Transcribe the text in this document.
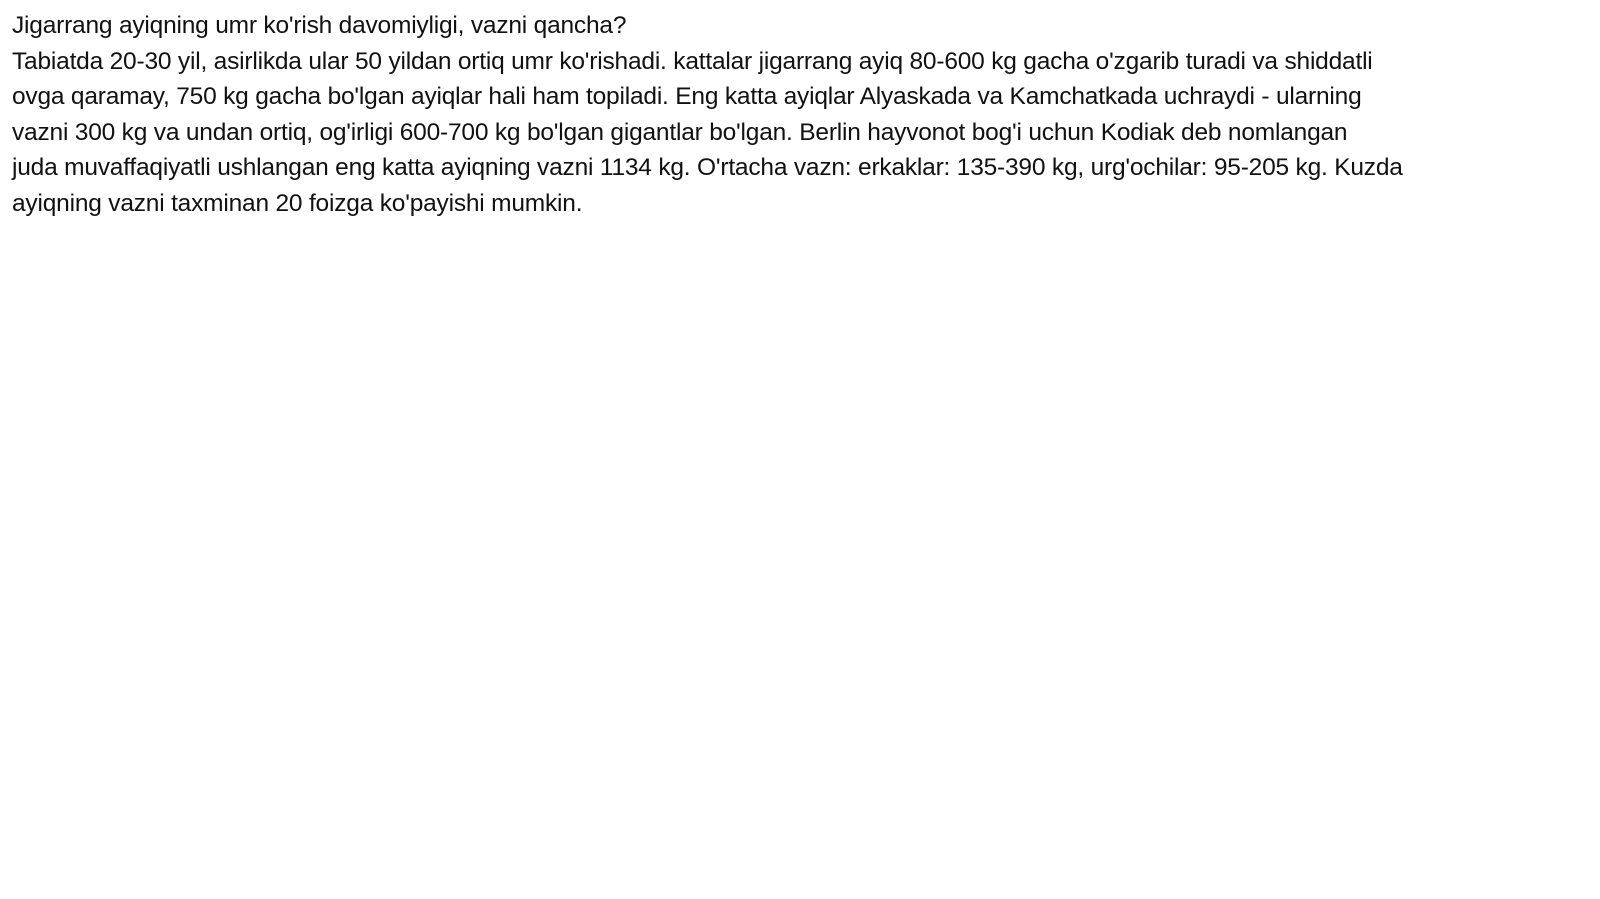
Jigarrang ayiqning umr ko'rish davomiyligi, vazni qancha?
Tabiatda 20-30 yil, asirlikda ular 50 yildan ortiq umr ko'rishadi. kattalar jigarrang ayiq 80-600 kg gacha o'zgarib turadi va shiddatli
ovga qaramay, 750 kg gacha bo'lgan ayiqlar hali ham topiladi. Eng katta ayiqlar Alyaskada va Kamchatkada uchraydi - ularning
vazni 300 kg va undan ortiq, og'irligi 600-700 kg bo'lgan gigantlar bo'lgan. Berlin hayvonot bog'i uchun Kodiak deb nomlangan
juda muvaffaqiyatli ushlangan eng katta ayiqning vazni 1134 kg. O'rtacha vazn: erkaklar: 135-390 kg, urg'ochilar: 95-205 kg. Kuzda
ayiqning vazni taxminan 20 foizga ko'payishi mumkin.
